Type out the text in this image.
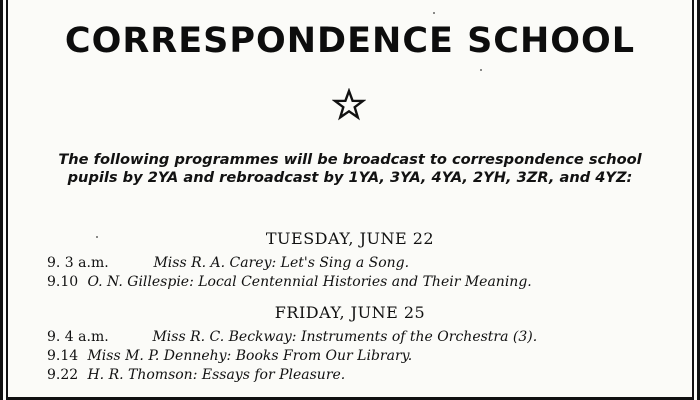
CORRESPONDENCE SCHOOL
The following programmes will be broadcast to correspondence school pupils by 2YA and rebroadcast by 1YA, 3YA, 4YA, 2YH, 3ZR, and 4YZ:
TUESDAY, JUNE 22
9. 3 a.m.	Miss R. A. Carey: Let's Sing a Song.
9.10 O. N. Gillespie: Local Centennial Histories and Their Meaning.
FRIDAY, JUNE 25
9. 4 a.m.	Miss R. C. Beckway: Instruments of the Orchestra (3).
9.14 Miss M. P. Dennehy: Books From Our Library.
9.22 H. R. Thomson: Essays for Pleasure.
